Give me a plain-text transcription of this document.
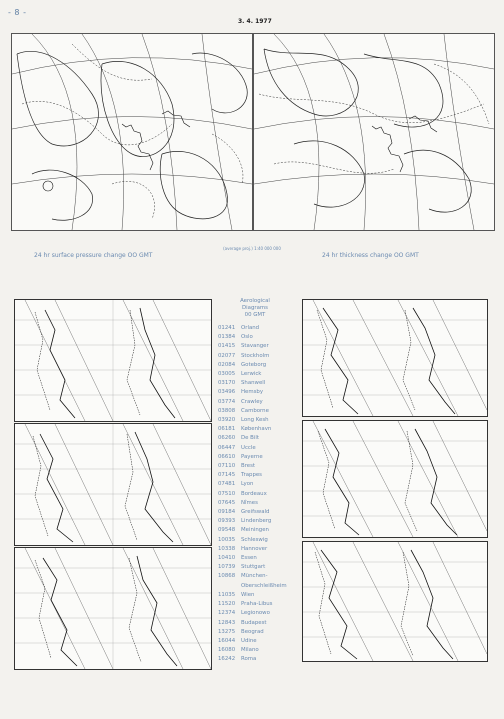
- 8 -
3. 4. 1977
(average proj.) 1:40 000 000
24 hr surface pressure change OO GMT	24 hr thickness change OO GMT
Aerological
Diagrams
00 GMT
01241 Orland
01384 Oslo
01415 Stavanger
02077 Stockholm
02084 Goteborg
03005 Lerwick
03170 Shanwell
03496 Hemsby
03774 Crawley
03808 Camborne
03920 Long Kesh
06181 København
06260 De Bilt
06447 Uccle
06610 Payerne
07110 Brest
07145 Trappes
07481 Lyon
07510 Bordeaux
07645 Nîmes
09184 Greifswald
09393 Lindenberg
09548 Meiningen
10035 Schleswig
10338 Hannover
10410 Essen
10739 Stuttgart
10868 München-
Oberschleißheim
11035 Wien
11520 Praha-Libus
12374 Legionowo
12843 Budapest
13275 Beograd
16044 Udine
16080 Milano
16242 Roma
